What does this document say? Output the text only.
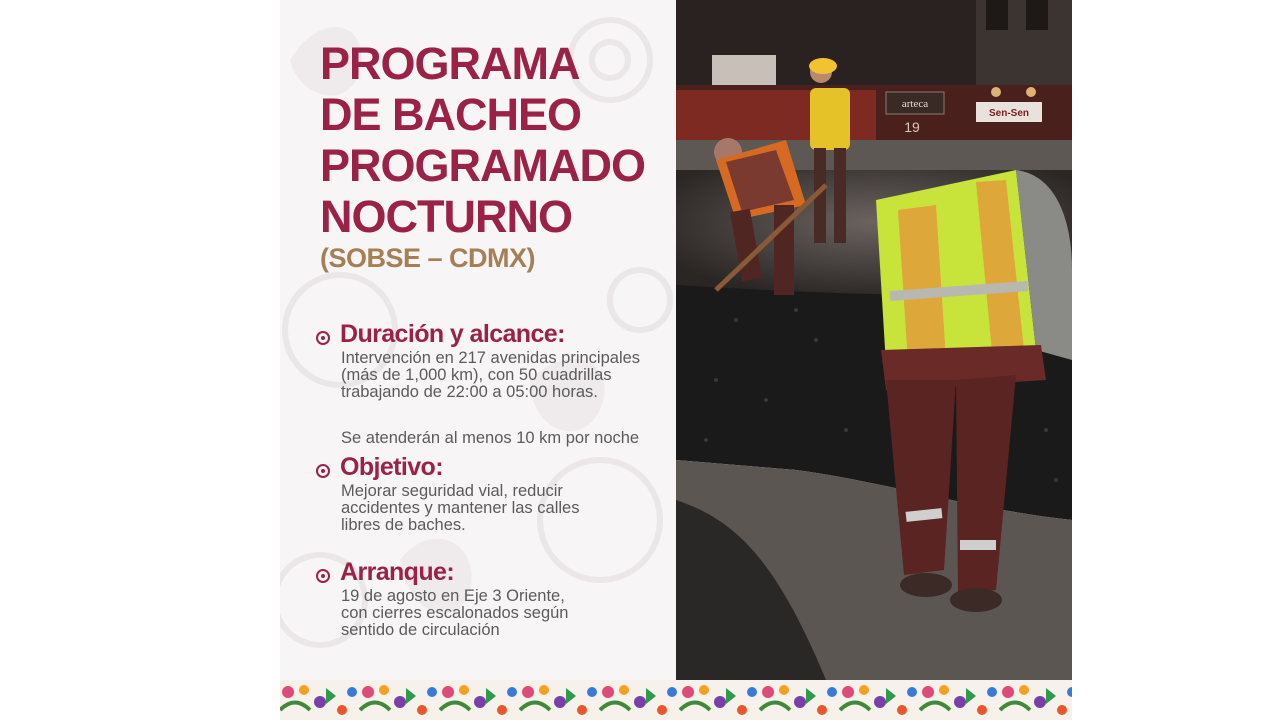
PROGRAMA
DE BACHEO
PROGRAMADO
NOCTURNO
(SOBSE – CDMX)
Duración y alcance:
Intervención en 217 avenidas principales
(más de 1,000 km), con 50 cuadrillas
trabajando de 22:00 a 05:00 horas.
Se atenderán al menos 10 km por noche
Objetivo:
Mejorar seguridad vial, reducir
accidentes y mantener las calles
libres de baches.
Arranque:
19 de agosto en Eje 3 Oriente,
con cierres escalonados según
sentido de circulación
arteca
19
Sen-Sen
